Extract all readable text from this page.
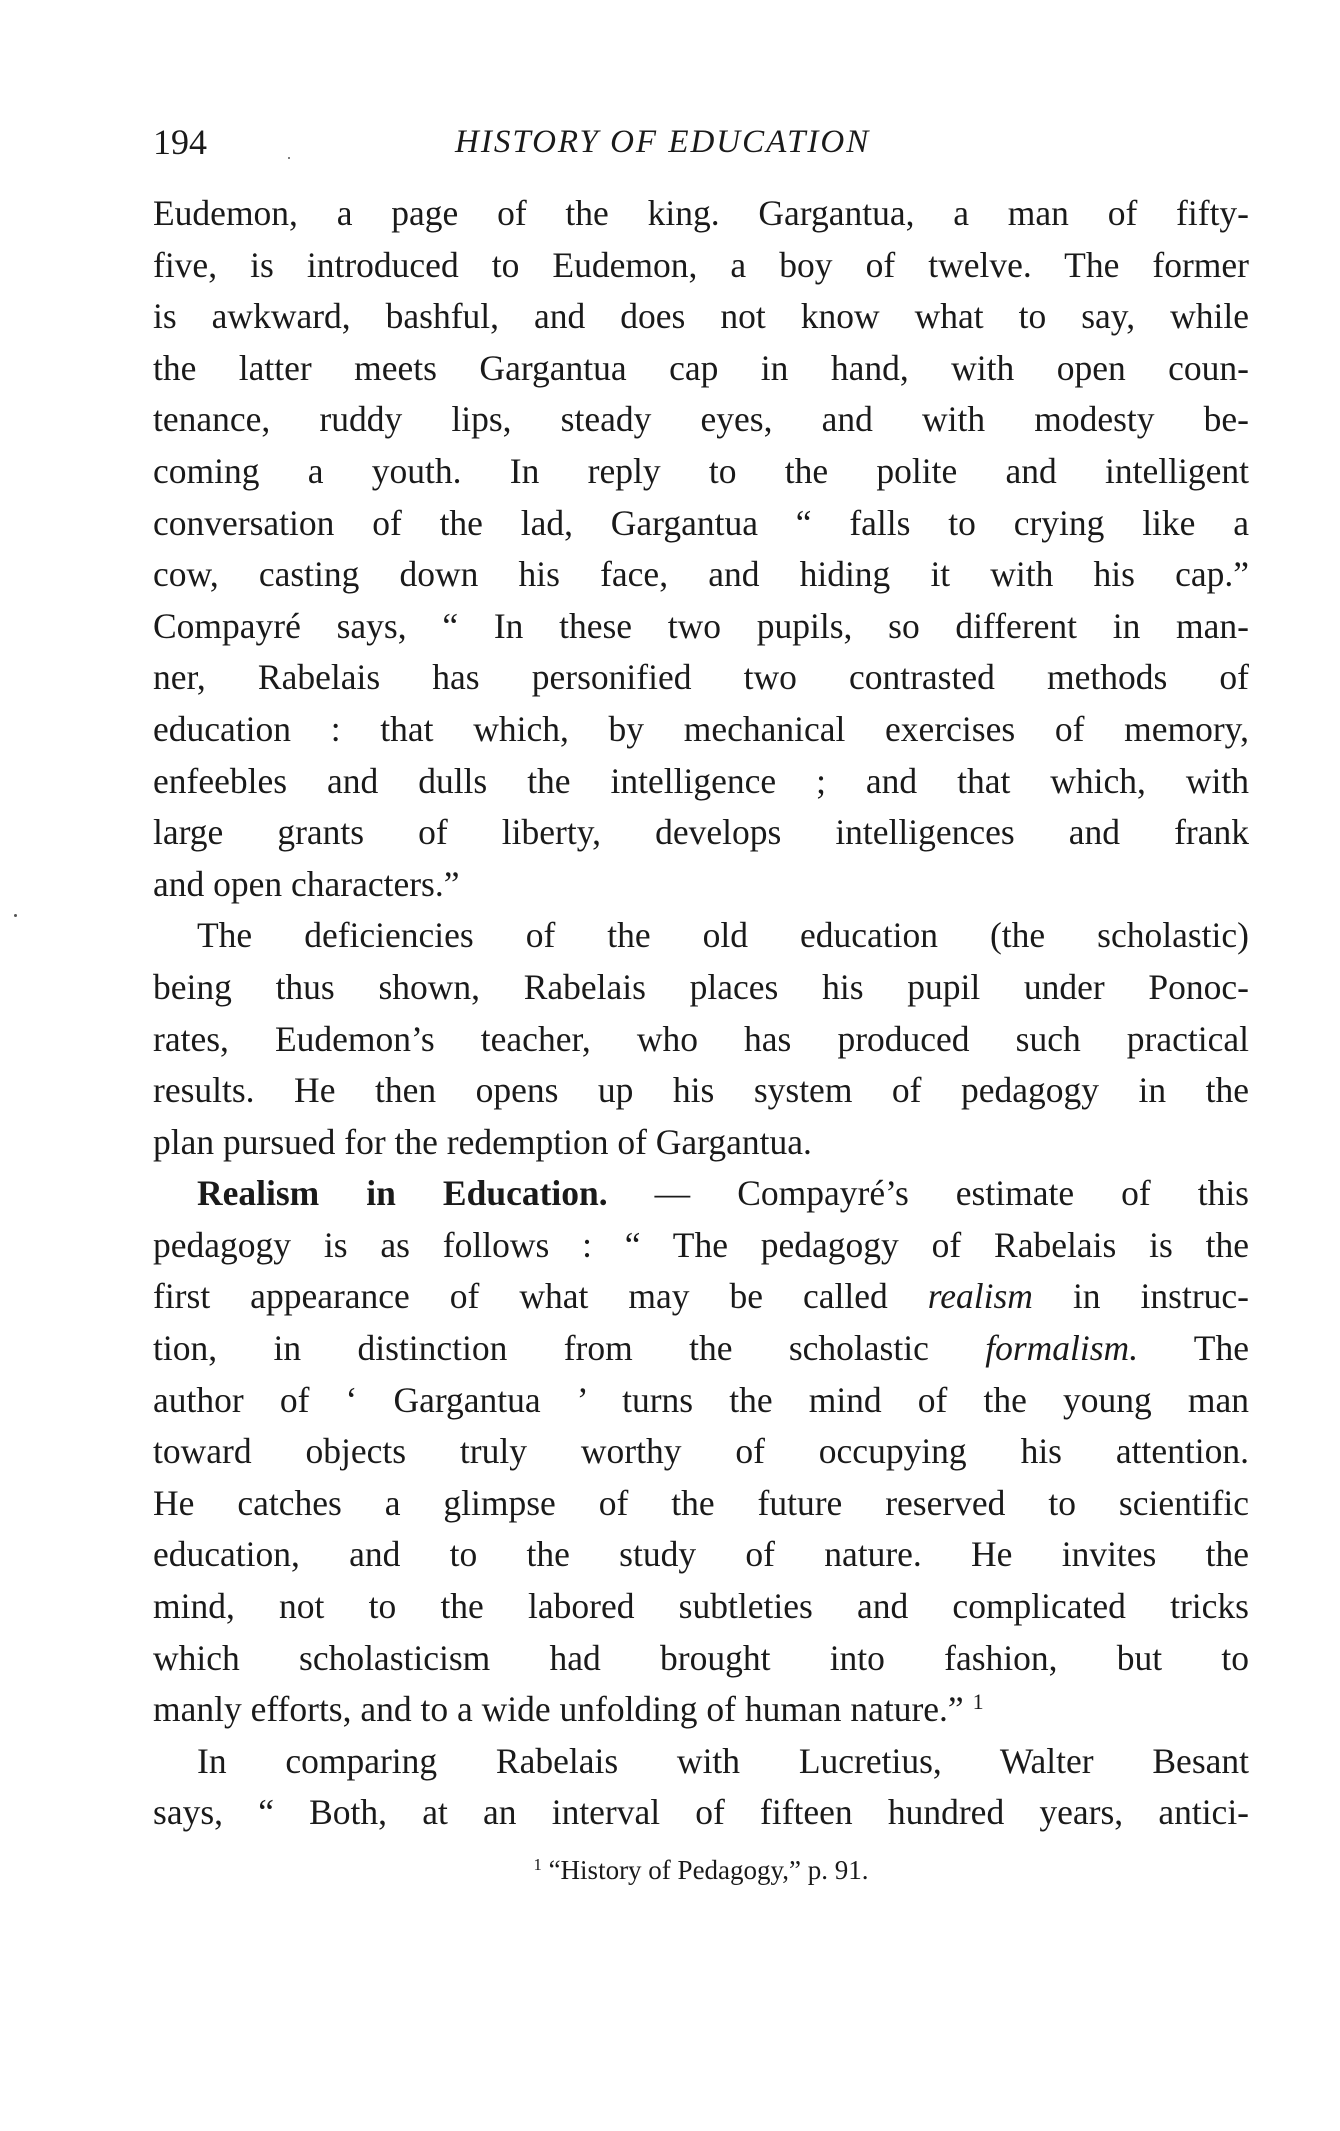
194	HISTORY OF EDUCATION
Eudemon, a page of the king. Gargantua, a man of fifty-
five, is introduced to Eudemon, a boy of twelve. The former
is awkward, bashful, and does not know what to say, while
the latter meets Gargantua cap in hand, with open coun-
tenance, ruddy lips, steady eyes, and with modesty be-
coming a youth. In reply to the polite and intelligent
conversation of the lad, Gargantua “ falls to crying like a
cow, casting down his face, and hiding it with his cap.”
Compayré says, “ In these two pupils, so different in man-
ner, Rabelais has personified two contrasted methods of
education : that which, by mechanical exercises of memory,
enfeebles and dulls the intelligence ; and that which, with
large grants of liberty, develops intelligences and frank
and open characters.”
The deficiencies of the old education (the scholastic)
being thus shown, Rabelais places his pupil under Ponoc-
rates, Eudemon’s teacher, who has produced such practical
results. He then opens up his system of pedagogy in the
plan pursued for the redemption of Gargantua.
Realism in Education. — Compayré’s estimate of this
pedagogy is as follows : “ The pedagogy of Rabelais is the
first appearance of what may be called realism in instruc-
tion, in distinction from the scholastic formalism. The
author of ‘ Gargantua ’ turns the mind of the young man
toward objects truly worthy of occupying his attention.
He catches a glimpse of the future reserved to scientific
education, and to the study of nature. He invites the
mind, not to the labored subtleties and complicated tricks
which scholasticism had brought into fashion, but to
manly efforts, and to a wide unfolding of human nature.” $^1$
In comparing Rabelais with Lucretius, Walter Besant
says, “ Both, at an interval of fifteen hundred years, antici-
$^1$ “History of Pedagogy,” p. 91.
